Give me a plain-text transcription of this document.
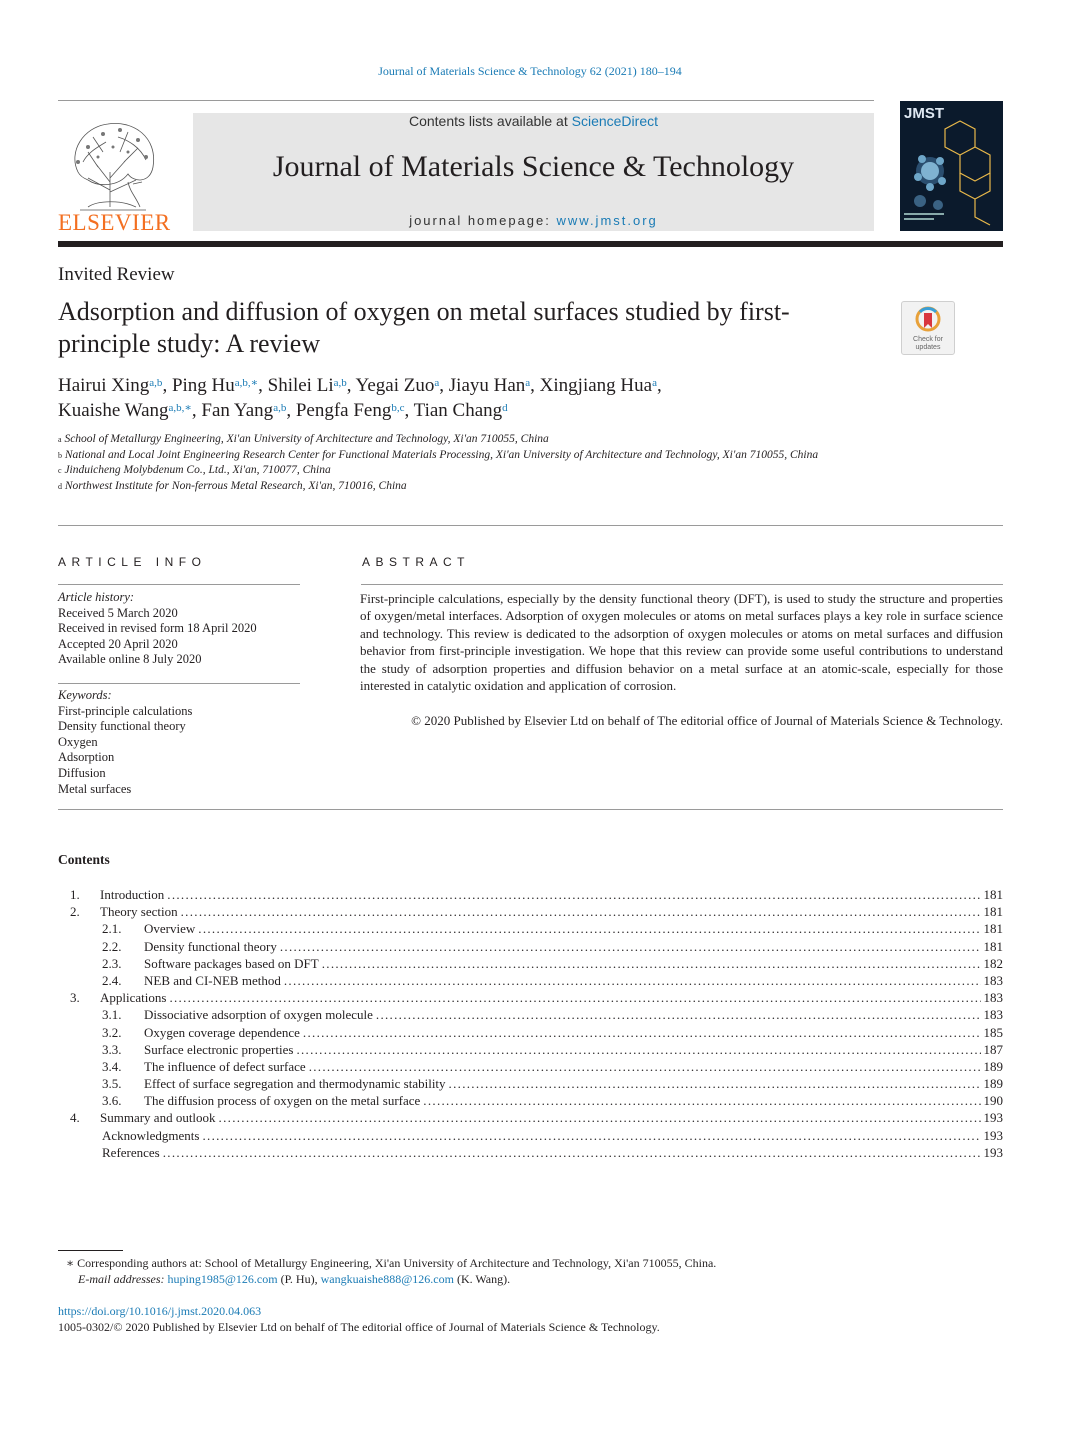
Journal of Materials Science & Technology 62 (2021) 180–194
ELSEVIER
Contents lists available at ScienceDirect
Journal of Materials Science & Technology
journal homepage: www.jmst.org
JMST
Invited Review
Adsorption and diffusion of oxygen on metal surfaces studied by first-principle study: A review	Check for updates
Hairui Xing$^{a,b}$, Ping Hu$^{a,b,∗}$, Shilei Li$^{a,b}$, Yegai Zuo$^a$, Jiayu Han$^a$, Xingjiang Hua$^a$,
Kuaishe Wang$^{a,b,∗}$, Fan Yang$^{a,b}$, Pengfa Feng$^{b,c}$, Tian Chang$^d$
$^a$ School of Metallurgy Engineering, Xi'an University of Architecture and Technology, Xi'an 710055, China
$^b$ National and Local Joint Engineering Research Center for Functional Materials Processing, Xi'an University of Architecture and Technology, Xi'an 710055, China
$^c$ Jinduicheng Molybdenum Co., Ltd., Xi'an, 710077, China
$^d$ Northwest Institute for Non-ferrous Metal Research, Xi'an, 710016, China
ARTICLE INFO	ABSTRACT
Article history:
Received 5 March 2020
Received in revised form 18 April 2020
Accepted 20 April 2020
Available online 8 July 2020
Keywords:
First-principle calculations
Density functional theory
Oxygen
Adsorption
Diffusion
Metal surfaces
First-principle calculations, especially by the density functional theory (DFT), is used to study the structure and properties of oxygen/metal interfaces. Adsorption of oxygen molecules or atoms on metal surfaces plays a key role in surface science and technology. This review is dedicated to the adsorption of oxygen molecules or atoms on metal surfaces and diffusion behavior from first-principle investigation. We hope that this review can provide some useful contributions to understand the study of adsorption properties and diffusion behavior on a metal surface at an atomic-scale, especially for those interested in catalytic oxidation and application of corrosion.
© 2020 Published by Elsevier Ltd on behalf of The editorial office of Journal of Materials Science & Technology.
Contents
1.	Introduction .....	181
2.	Theory section .....	181
2.1.	Overview .....	181
2.2.	Density functional theory .....	181
2.3.	Software packages based on DFT .....	182
2.4.	NEB and CI-NEB method .....	183
3.	Applications .....	183
3.1.	Dissociative adsorption of oxygen molecule .....	183
3.2.	Oxygen coverage dependence .....	185
3.3.	Surface electronic properties .....	187
3.4.	The influence of defect surface .....	189
3.5.	Effect of surface segregation and thermodynamic stability .....	189
3.6.	The diffusion process of oxygen on the metal surface .....	190
4.	Summary and outlook .....	193
Acknowledgments .....	193
References .....	193
∗ Corresponding authors at: School of Metallurgy Engineering, Xi'an University of Architecture and Technology, Xi'an 710055, China.
E-mail addresses: huping1985@126.com (P. Hu), wangkuaishe888@126.com (K. Wang).
https://doi.org/10.1016/j.jmst.2020.04.063
1005-0302/© 2020 Published by Elsevier Ltd on behalf of The editorial office of Journal of Materials Science & Technology.
